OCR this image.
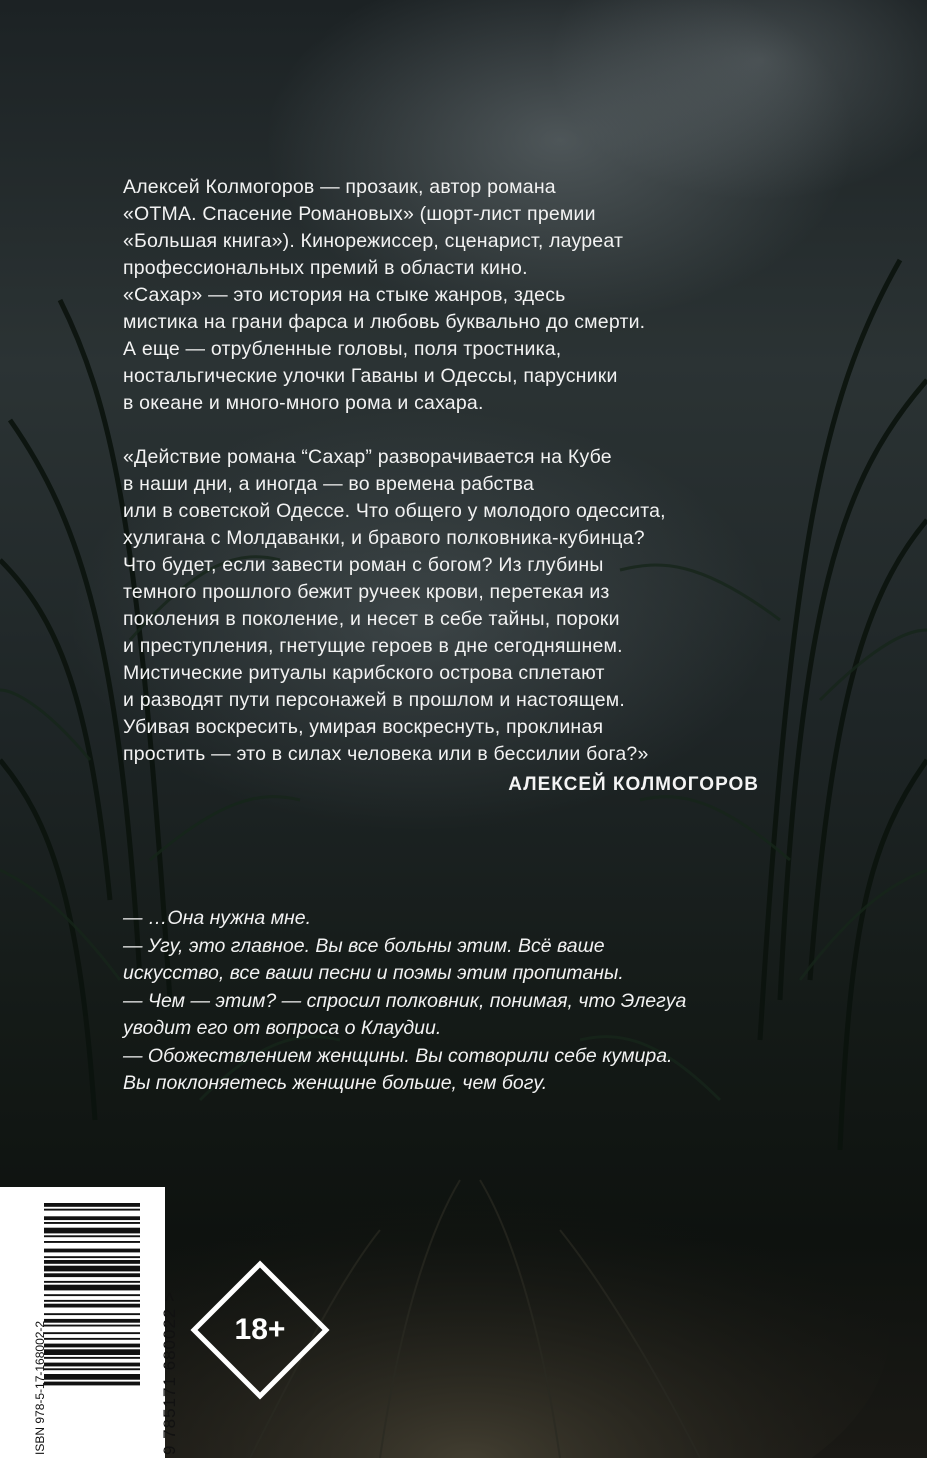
Алексей Колмогоров — прозаик, автор романа
«ОТМА. Спасение Романовых» (шорт-лист премии
«Большая книга»). Кинорежиссер, сценарист, лауреат
профессиональных премий в области кино.
«Сахар» — это история на стыке жанров, здесь
мистика на грани фарса и любовь буквально до смерти.
А еще — отрубленные головы, поля тростника,
ностальгические улочки Гаваны и Одессы, парусники
в океане и много-много рома и сахара.

«Действие романа “Сахар” разворачивается на Кубе
в наши дни, а иногда — во времена рабства
или в советской Одессе. Что общего у молодого одессита,
хулигана с Молдаванки, и бравого полковника-кубинца?
Что будет, если завести роман с богом? Из глубины
темного прошлого бежит ручеек крови, перетекая из
поколения в поколение, и несет в себе тайны, пороки
и преступления, гнетущие героев в дне сегодняшнем.
Мистические ритуалы карибского острова сплетают
и разводят пути персонажей в прошлом и настоящем.
Убивая воскресить, умирая воскреснуть, проклиная
простить — это в силах человека или в бессилии бога?»

АЛЕКСЕЙ КОЛМОГОРОВ
— …Она нужна мне.
— Угу, это главное. Вы все больны этим. Всё ваше
искусство, все ваши песни и поэмы этим пропитаны.
— Чем — этим? — спросил полковник, понимая, что Элегуа
уводит его от вопроса о Клаудии.
— Обожествлением женщины. Вы сотворили себе кумира.
Вы поклоняетесь женщине больше, чем богу.
ISBN 978-5-17-168002-2	9 785171 680022 >	18+
